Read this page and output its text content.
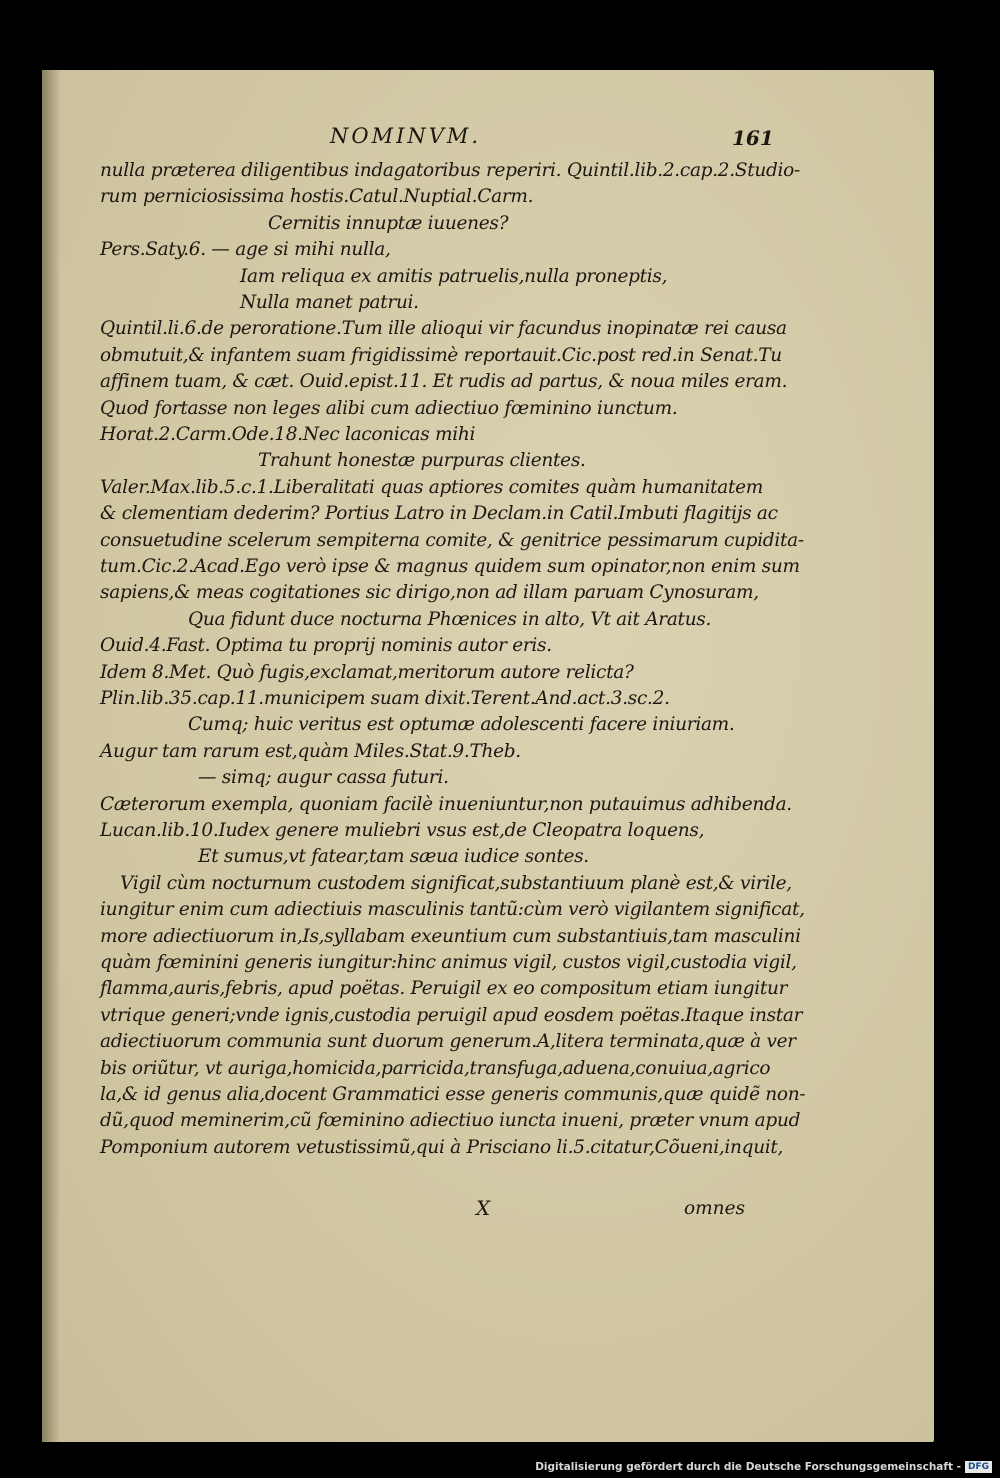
NOMINVM.	161
nulla præterea diligentibus indagatoribus reperiri. Quintil.lib.2.cap.2.Studio-
rum perniciosissima hostis.Catul.Nuptial.Carm.
Cernitis innuptæ iuuenes?
Pers.Saty.6. — age si mihi nulla,
Iam reliqua ex amitis patruelis,nulla proneptis,
Nulla manet patrui.
Quintil.li.6.de peroratione.Tum ille alioqui vir facundus inopinatæ rei causa
obmutuit,& infantem suam frigidissimè reportauit.Cic.post red.in Senat.Tu
affinem tuam, & cæt. Ouid.epist.11. Et rudis ad partus, & noua miles eram.
Quod fortasse non leges alibi cum adiectiuo fœminino iunctum.
Horat.2.Carm.Ode.18.Nec laconicas mihi
Trahunt honestæ purpuras clientes.
Valer.Max.lib.5.c.1.Liberalitati quas aptiores comites quàm humanitatem
& clementiam dederim? Portius Latro in Declam.in Catil.Imbuti flagitijs ac
consuetudine scelerum sempiterna comite, & genitrice pessimarum cupidita-
tum.Cic.2.Acad.Ego verò ipse & magnus quidem sum opinator,non enim sum
sapiens,& meas cogitationes sic dirigo,non ad illam paruam Cynosuram,
Qua fidunt duce nocturna Phœnices in alto, Vt ait Aratus.
Ouid.4.Fast. Optima tu proprij nominis autor eris.
Idem 8.Met. Quò fugis,exclamat,meritorum autore relicta?
Plin.lib.35.cap.11.municipem suam dixit.Terent.And.act.3.sc.2.
Cumq; huic veritus est optumæ adolescenti facere iniuriam.
Augur tam rarum est,quàm Miles.Stat.9.Theb.
— simq; augur cassa futuri.
Cæterorum exempla, quoniam facilè inueniuntur,non putauimus adhibenda.
Lucan.lib.10.Iudex genere muliebri vsus est,de Cleopatra loquens,
Et sumus,vt fatear,tam sæua iudice sontes.
Vigil cùm nocturnum custodem significat,substantiuum planè est,& virile,
iungitur enim cum adiectiuis masculinis tantũ:cùm verò vigilantem significat,
more adiectiuorum in,Is,syllabam exeuntium cum substantiuis,tam masculini
quàm fœminini generis iungitur:hinc animus vigil, custos vigil,custodia vigil,
flamma,auris,febris, apud poëtas. Peruigil ex eo compositum etiam iungitur
vtrique generi;vnde ignis,custodia peruigil apud eosdem poëtas.Itaque instar
adiectiuorum communia sunt duorum generum.A,litera terminata,quæ à ver
bis oriũtur, vt auriga,homicida,parricida,transfuga,aduena,conuiua,agrico
la,& id genus alia,docent Grammatici esse generis communis,quæ quidẽ non-
dũ,quod meminerim,cũ fœminino adiectiuo iuncta inueni, præter vnum apud
Pomponium autorem vetustissimũ,qui à Prisciano li.5.citatur,Cõueni,inquit,
X	omnes
Digitalisierung gefördert durch die Deutsche Forschungsgemeinschaft - DFG
